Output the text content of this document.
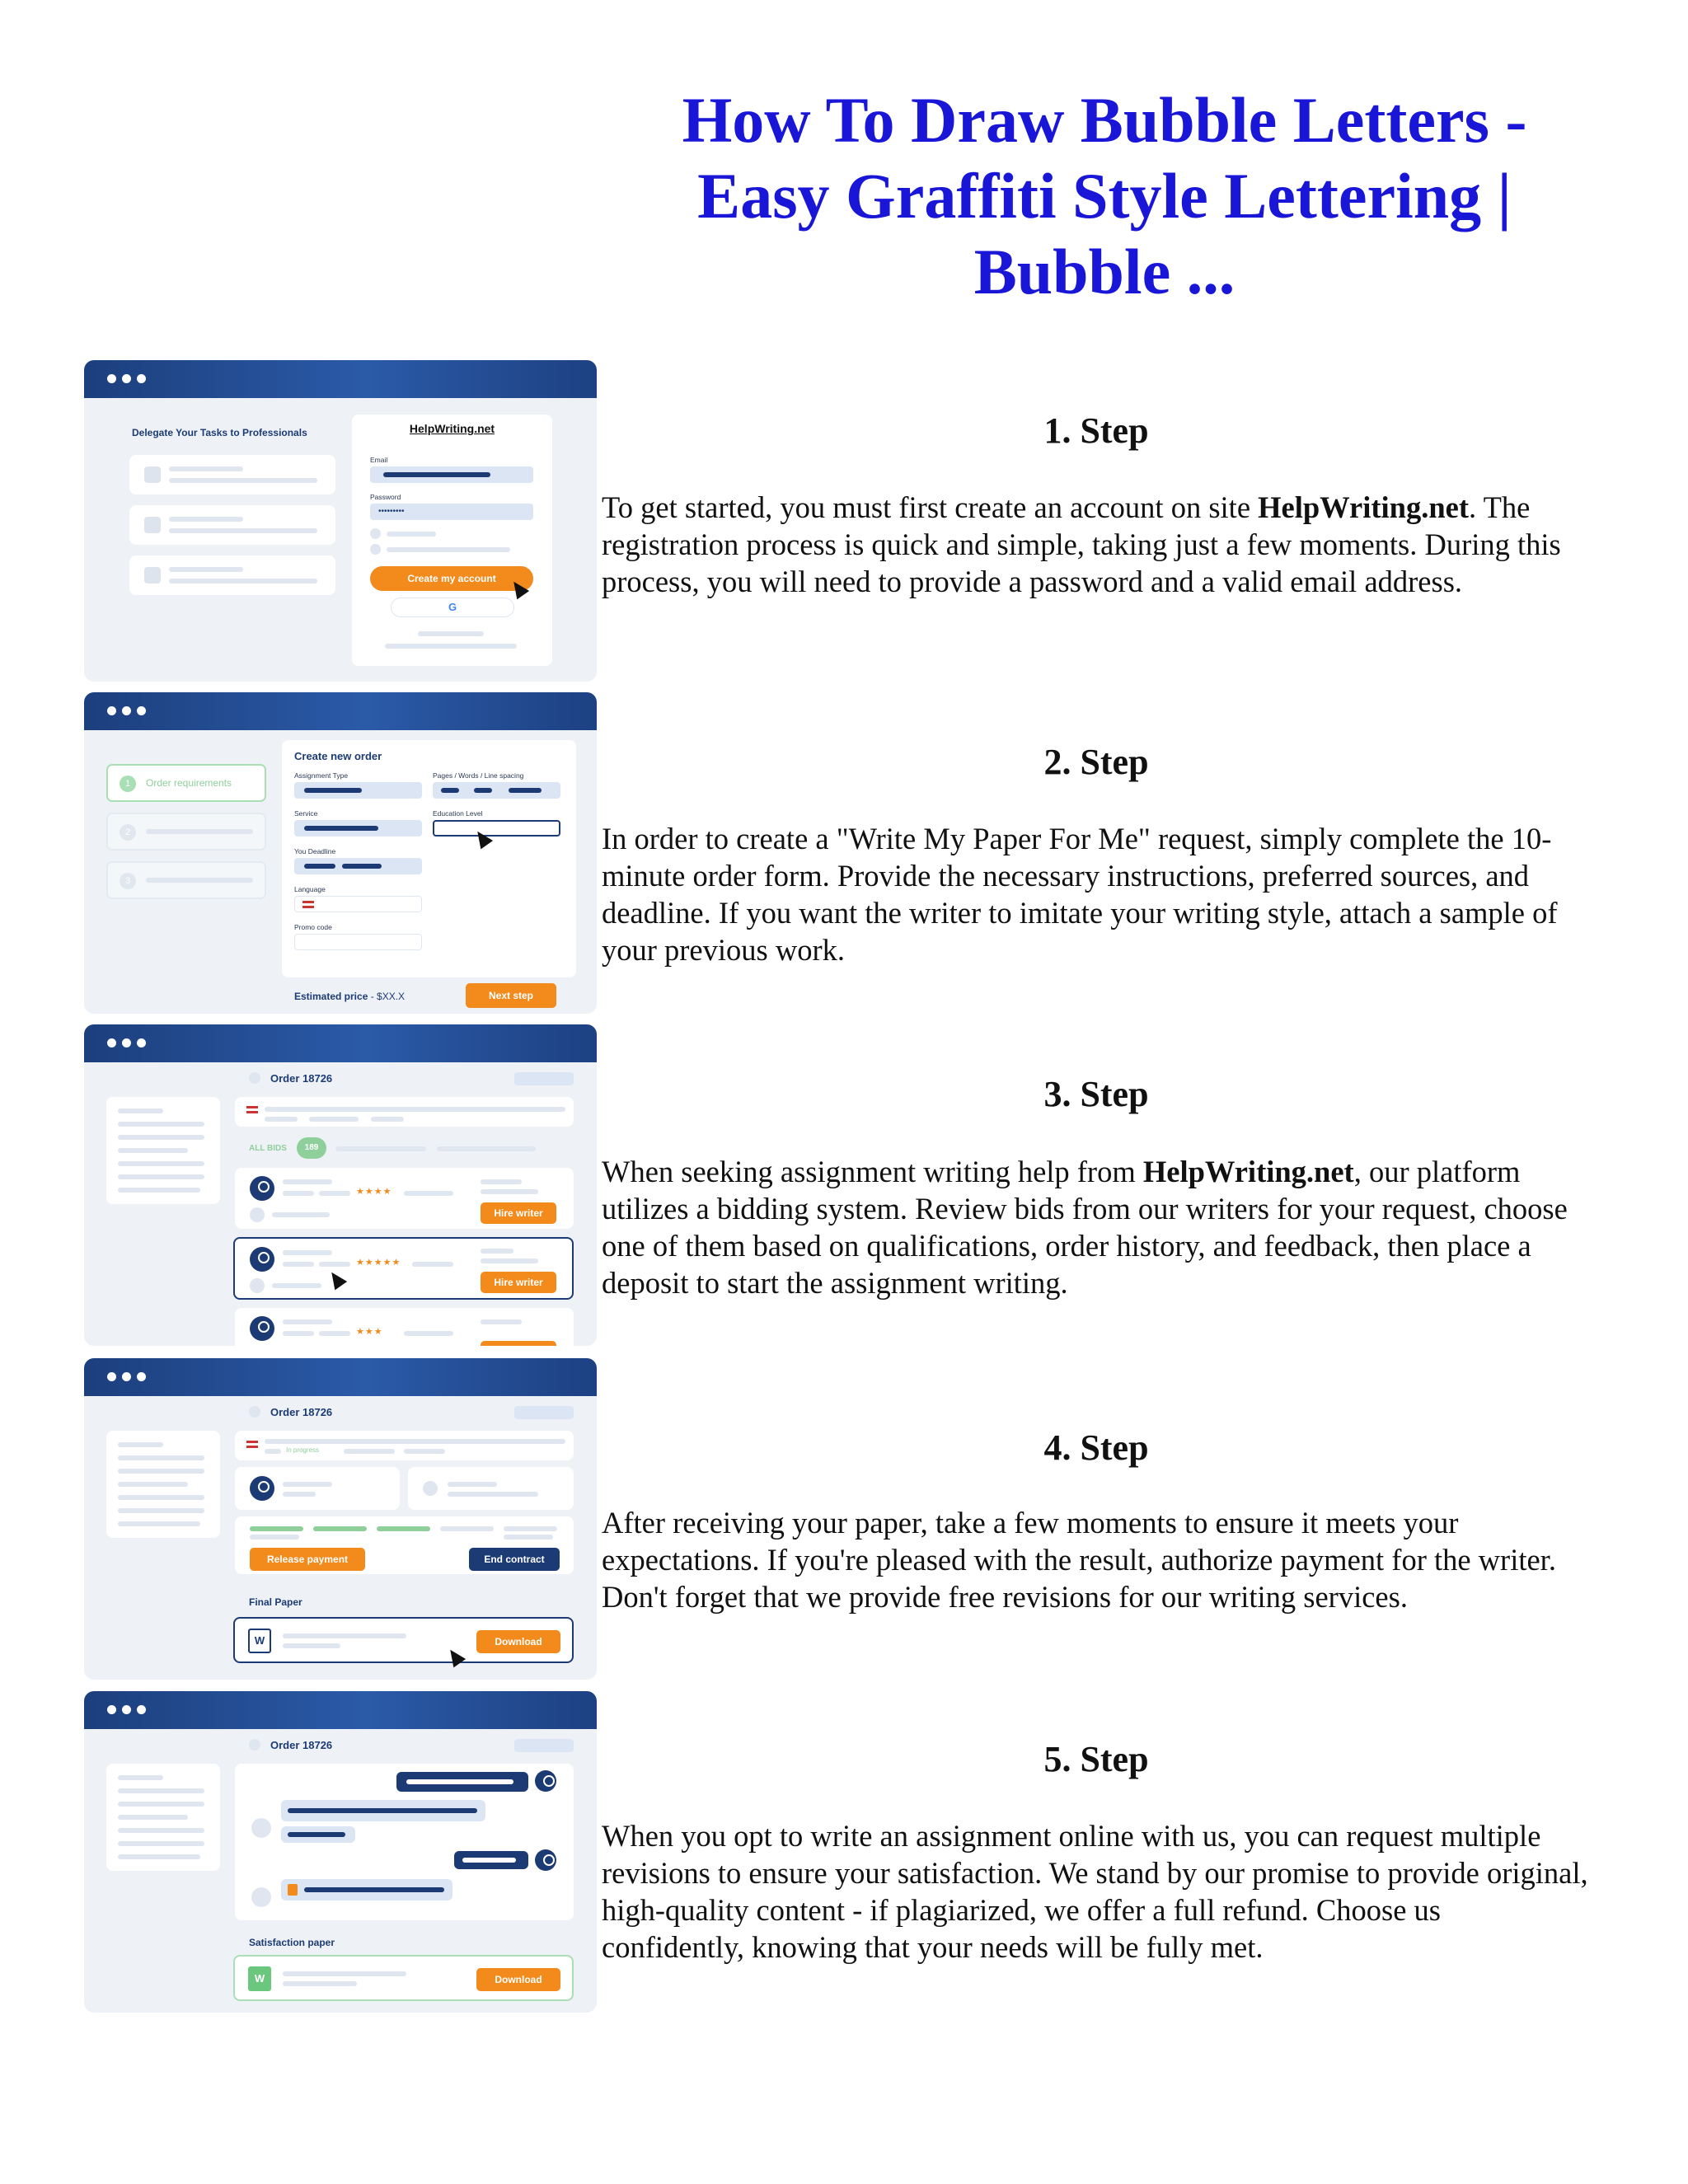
How To Draw Bubble Letters - Easy Graffiti Style Lettering | Bubble ...
Delegate Your Tasks to Professionals	HelpWriting.net
Email
Password
•••••••••
Create my account
G
1. Step

To get started, you must first create an account on site HelpWriting.net. The registration process is quick and simple, taking just a few moments. During this process, you will need to provide a password and a valid email address.

1	Order requirements
2
3
Create new order
Assignment Type	Pages / Words / Line spacing
Service	Education Level
You Deadline
Language
Promo code
Estimated price - $XX.X	Next step
2. Step

In order to create a "Write My Paper For Me" request, simply complete the 10-minute order form. Provide the necessary instructions, preferred sources, and deadline. If you want the writer to imitate your writing style, attach a sample of your previous work.

Order 18726
ALL BIDS	189
★★★★
Hire writer
★★★★★
Hire writer
★★★
3. Step

When seeking assignment writing help from HelpWriting.net, our platform utilizes a bidding system. Review bids from our writers for your request, choose one of them based on qualifications, order history, and feedback, then place a deposit to start the assignment writing.

Order 18726
In progress
Release payment	End contract
Final Paper
W	Download
4. Step

After receiving your paper, take a few moments to ensure it meets your expectations. If you're pleased with the result, authorize payment for the writer. Don't forget that we provide free revisions for our writing services.

Order 18726
Satisfaction paper
W	Download
5. Step

When you opt to write an assignment online with us, you can request multiple revisions to ensure your satisfaction. We stand by our promise to provide original, high-quality content - if plagiarized, we offer a full refund. Choose us confidently, knowing that your needs will be fully met.
